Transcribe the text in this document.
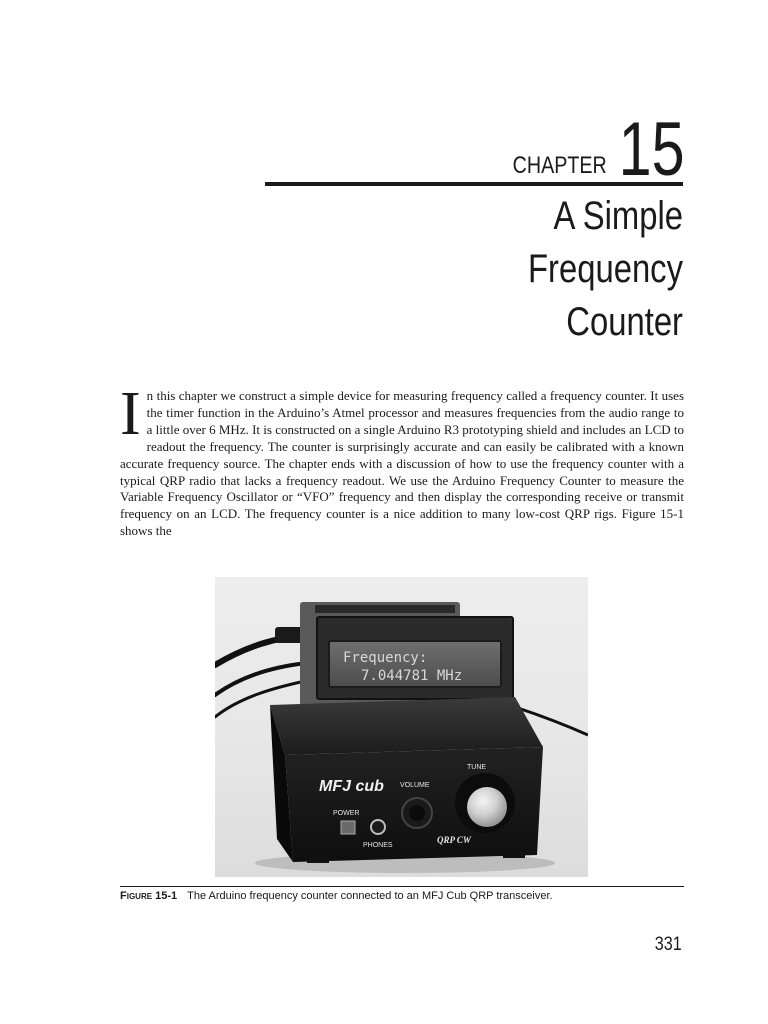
CHAPTER 15
A Simple
Frequency
Counter
I n this chapter we construct a simple device for measuring frequency called a frequency counter. It uses the timer function in the Arduino’s Atmel processor and measures frequencies from the audio range to a little over 6 MHz. It is constructed on a single Arduino R3 prototyping shield and includes an LCD to readout the frequency. The counter is surprisingly accurate and can easily be calibrated with a known accurate frequency source. The chapter ends with a discussion of how to use the frequency counter with a typical QRP radio that lacks a frequency readout. We use the Arduino Frequency Counter to measure the Variable Frequency Oscillator or “VFO” frequency and then display the corresponding receive or transmit frequency on an LCD. The frequency counter is a nice addition to many low-cost QRP rigs. Figure 15-1 shows the
Frequency:
7.044781 MHz
MFJ cub VOLUME
TUNE
POWER
PHONES
QRP CW
Figure 15-1 The Arduino frequency counter connected to an MFJ Cub QRP transceiver.
331
